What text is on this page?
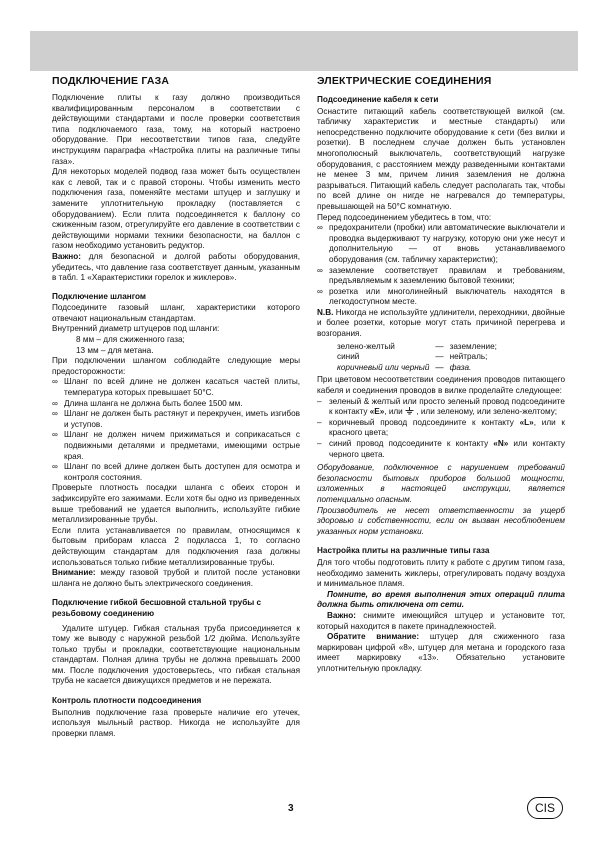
ПОДКЛЮЧЕНИЕ ГАЗА

Подключение плиты к газу должно производиться квалифицированным персоналом в соответствии с действующими стандартами и после проверки соответствия типа подключаемого газа, тому, на который настроено оборудование. При несоответствии типов газа, следуйте инструкциям параграфа «Настройка плиты на различные типы газа».

Для некоторых моделей подвод газа может быть осуществлен как с левой, так и с правой стороны. Чтобы изменить место подключения газа, поменяйте местами штуцер и заглушку и замените уплотнительную прокладку (поставляется с оборудованием). Если плита подсоединяется к баллону со сжиженным газом, отрегулируйте его давление в соответствии с действующими нормами техники безопасности, на баллон с газом необходимо установить редуктор.

Важно: для безопасной и долгой работы оборудования, убедитесь, что давление газа соответствует данным, указанным в табл. 1 «Характеристики горелок и жиклеров».

Подключение шлангом

Подсоедините газовый шланг, характеристики которого отвечают национальным стандартам.

Внутренний диаметр штуцеров под шланги:

8 мм – для сжиженного газа;
13 мм – для метана.

При подключении шлангом соблюдайте следующие меры предосторожности:

∞ Шланг по всей длине не должен касаться частей плиты, температура которых превышает 50°С.
∞ Длина шланга не должна быть более 1500 мм.
∞ Шланг не должен быть растянут и перекручен, иметь изгибов и уступов.
∞ Шланг не должен ничем прижиматься и соприкасаться с подвижными деталями и предметами, имеющими острые края.
∞ Шланг по всей длине должен быть доступен для осмотра и контроля состояния.

Проверьте плотность посадки шланга с обеих сторон и зафиксируйте его зажимами. Если хотя бы одно из приведенных выше требований не удается выполнить, используйте гибкие металлизированные трубы.

Если плита устанавливается по правилам, относящимся к бытовым приборам класса 2 подкласса 1, то согласно действующим стандартам для подключения газа должны использоваться только гибкие металлизированные трубы.

Внимание: между газовой трубой и плитой после установки шланга не должно быть электрического соединения.

Подключение гибкой бесшовной стальной трубы с резьбовому соединению

Удалите штуцер. Гибкая стальная труба присоединяется к тому же выводу с наружной резьбой 1/2 дюйма. Используйте только трубы и прокладки, соответствующие национальным стандартам. Полная длина трубы не должна превышать 2000 мм. После подключения удостоверьтесь, что гибкая стальная труба не касается движущихся предметов и не пережата.

Контроль плотности подсоединения

Выполнив подключение газа проверьте наличие его утечек, используя мыльный раствор. Никогда не используйте для проверки пламя.

ЭЛЕКТРИЧЕСКИЕ СОЕДИНЕНИЯ
Подсоединение кабеля к сети

Оснастите питающий кабель соответствующей вилкой (см. табличку характеристик и местные стандарты) или непосредственно подключите оборудование к сети (без вилки и розетки). В последнем случае должен быть установлен многополюсный выключатель, соответствующий нагрузке оборудования, с расстоянием между разведенными контактами не менее 3 мм, причем линия заземления не должна разрываться. Питающий кабель следует располагать так, чтобы по всей длине он нигде не нагревался до температуры, превышающей на 50°С комнатную.

Перед подсоединением убедитесь в том, что:

∞ предохранители (пробки) или автоматические выключатели и проводка выдерживают ту нагрузку, которую они уже несут и дополнительную — от вновь устанавливаемого оборудования (см. табличку характеристик);
∞ заземление соответствует правилам и требованиям, предъявляемым к заземлению бытовой техники;
∞ розетка или многолинейный выключатель находятся в легкодоступном месте.

N.B. Никогда не используйте удлинители, переходники, двойные и более розетки, которые могут стать причиной перегрева и возгорания.

зелено-желтый	—	заземление;
синий	—	нейтраль;
коричневый или черный	—	фаза.

При цветовом несоответствии соединения проводов питающего кабеля и соединения проводов в вилке проделайте следующее:

– зеленый & желтый или просто зеленый провод подсоедините к контакту «Е», или  , или зеленому, или зелено-желтому;
– коричневый провод подсоедините к контакту «L», или к красного цвета;
– синий провод подсоедините к контакту «N» или контакту черного цвета.

Оборудование, подключенное с нарушением требований безопасности бытовых приборов большой мощности, изложенных в настоящей инструкции, является потенциально опасным.

Производитель не несет ответственности за ущерб здоровью и собственности, если он вызван несоблюдением указанных норм установки.

Настройка плиты на различные типы газа

Для того чтобы подготовить плиту к работе с другим типом газа, необходимо заменить жиклеры, отрегулировать подачу воздуха и минимальное пламя.

Помните, во время выполнения этих операций плита должна быть отключена от сети.

Важно: снимите имеющийся штуцер и установите тот, который находится в пакете принадлежностей.

Обратите внимание: штуцер для сжиженного газа маркирован цифрой «8», штуцер для метана и городского газа имеет маркировку «13». Обязательно установите уплотнительную прокладку.

3	CIS
